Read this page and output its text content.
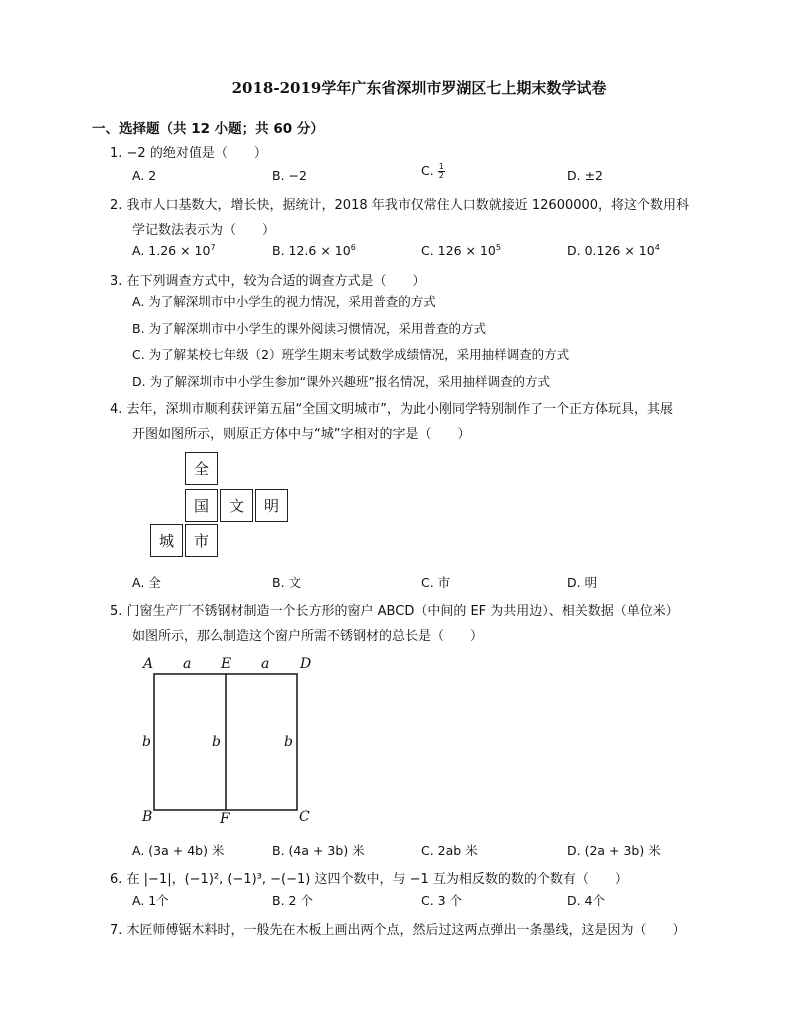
2018-2019学年广东省深圳市罗湖区七上期末数学试卷
一、选择题（共 12 小题；共 60 分）
1. −2 的绝对值是（　　）
A. 2	B. −2	C. $\frac{1}{2}$	D. ±2
2. 我市人口基数大，增长快，据统计，2018 年我市仅常住人口数就接近 12600000，将这个数用科
学记数法表示为（　　）
A. $1.26 \times 10^7$	B. $12.6 \times 10^6$	C. $126 \times 10^5$	D. $0.126 \times 10^4$
3. 在下列调查方式中，较为合适的调查方式是（　　）
A. 为了解深圳市中小学生的视力情况，采用普查的方式
B. 为了解深圳市中小学生的课外阅读习惯情况，采用普查的方式
C. 为了解某校七年级（2）班学生期末考试数学成绩情况，采用抽样调查的方式
D. 为了解深圳市中小学生参加“课外兴趣班”报名情况，采用抽样调查的方式
4. 去年，深圳市顺利获评第五届“全国文明城市”，为此小刚同学特别制作了一个正方体玩具，其展
开图如图所示，则原正方体中与“城”字相对的字是（　　）
全
国	文	明
城	市
A. 全	B. 文	C. 市	D. 明
5. 门窗生产厂不锈钢材制造一个长方形的窗户 ABCD（中间的 EF 为共用边）、相关数据（单位米）
如图所示，那么制造这个窗户所需不锈钢材的总长是（　　）
A a E a D
b	b	b
B	F	C
A. (3a + 4b) 米	B. (4a + 3b) 米	C. 2ab 米	D. (2a + 3b) 米
6. 在 |−1|，(−1)², (−1)³, −(−1) 这四个数中，与 −1 互为相反数的数的个数有（　　）
A. 1个	B. 2 个	C. 3 个	D. 4个
7. 木匠师傅锯木料时，一般先在木板上画出两个点，然后过这两点弹出一条墨线，这是因为（　　）
